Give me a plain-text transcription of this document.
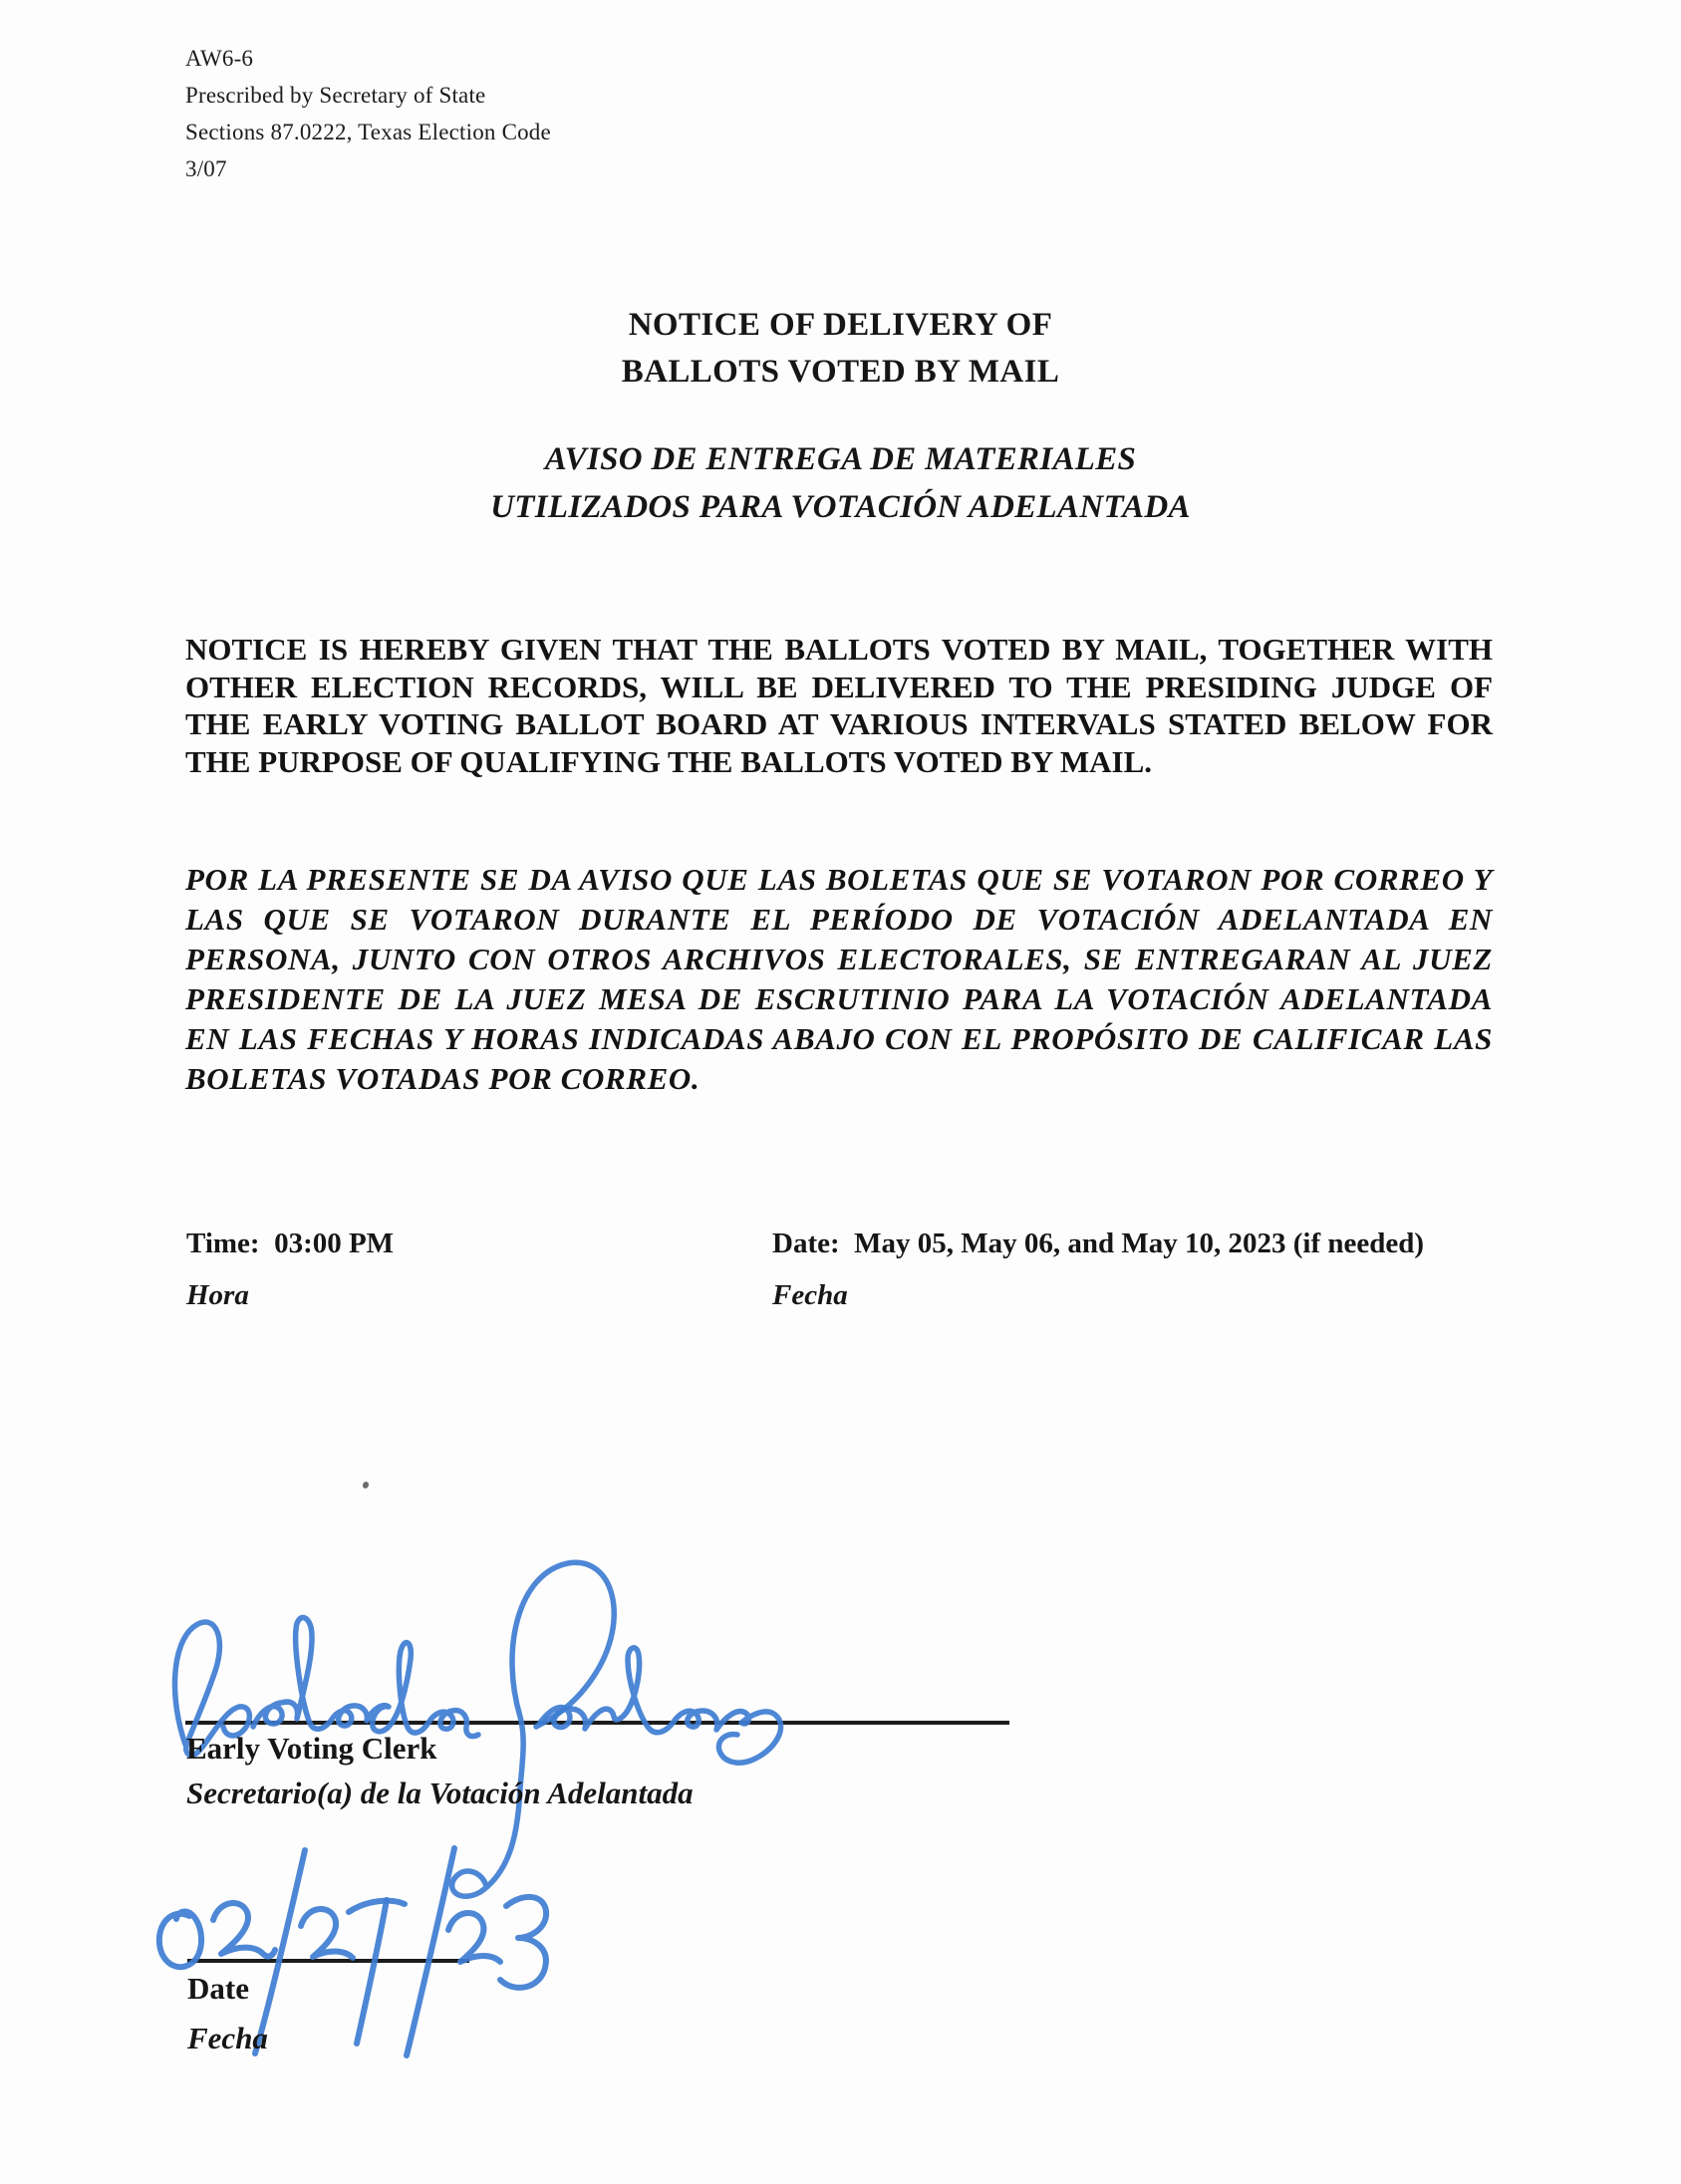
AW6-6
Prescribed by Secretary of State
Sections 87.0222, Texas Election Code
3/07
NOTICE OF DELIVERY OF
BALLOTS VOTED BY MAIL
AVISO DE ENTREGA DE MATERIALES
UTILIZADOS PARA VOTACIÓN ADELANTADA
NOTICE IS HEREBY GIVEN THAT THE BALLOTS VOTED BY MAIL, TOGETHER WITH OTHER ELECTION RECORDS, WILL BE DELIVERED TO THE PRESIDING JUDGE OF THE EARLY VOTING BALLOT BOARD AT VARIOUS INTERVALS STATED BELOW FOR THE PURPOSE OF QUALIFYING THE BALLOTS VOTED BY MAIL.
POR LA PRESENTE SE DA AVISO QUE LAS BOLETAS QUE SE VOTARON POR CORREO Y LAS QUE SE VOTARON DURANTE EL PERÍODO DE VOTACIÓN ADELANTADA EN PERSONA, JUNTO CON OTROS ARCHIVOS ELECTORALES, SE ENTREGARAN AL JUEZ PRESIDENTE DE LA JUEZ MESA DE ESCRUTINIO PARA LA VOTACIÓN ADELANTADA EN LAS FECHAS Y HORAS INDICADAS ABAJO CON EL PROPÓSITO DE CALIFICAR LAS BOLETAS VOTADAS POR CORREO.
Time: 03:00 PM
Hora
Date: May 05, May 06, and May 10, 2023 (if needed)
Fecha
Early Voting Clerk
Secretario(a) de la Votación Adelantada
Date
Fecha
